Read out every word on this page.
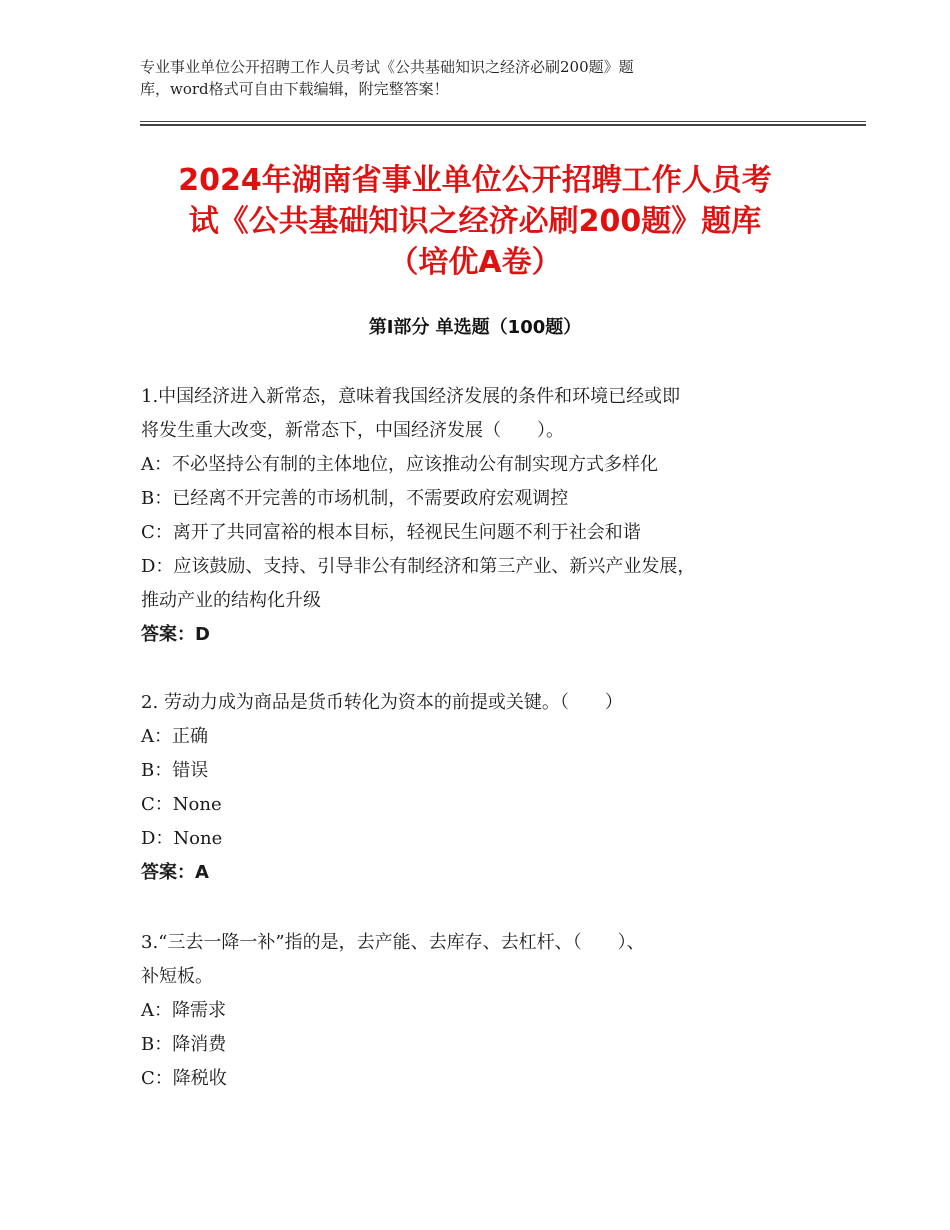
专业事业单位公开招聘工作人员考试《公共基础知识之经济必刷200题》题
库，word格式可自由下载编辑，附完整答案！
2024年湖南省事业单位公开招聘工作人员考
试《公共基础知识之经济必刷200题》题库
（培优A卷）
第Ⅰ部分 单选题（100题）
1.中国经济进入新常态，意味着我国经济发展的条件和环境已经或即
将发生重大改变，新常态下，中国经济发展（　　）。
A：不必坚持公有制的主体地位，应该推动公有制实现方式多样化
B：已经离不开完善的市场机制，不需要政府宏观调控
C：离开了共同富裕的根本目标，轻视民生问题不利于社会和谐
D：应该鼓励、支持、引导非公有制经济和第三产业、新兴产业发展，
推动产业的结构化升级
答案：D
2. 劳动力成为商品是货币转化为资本的前提或关键。（　　）
A：正确
B：错误
C：None
D：None
答案：A
3.“三去一降一补”指的是，去产能、去库存、去杠杆、（　　）、
补短板。
A：降需求
B：降消费
C：降税收
